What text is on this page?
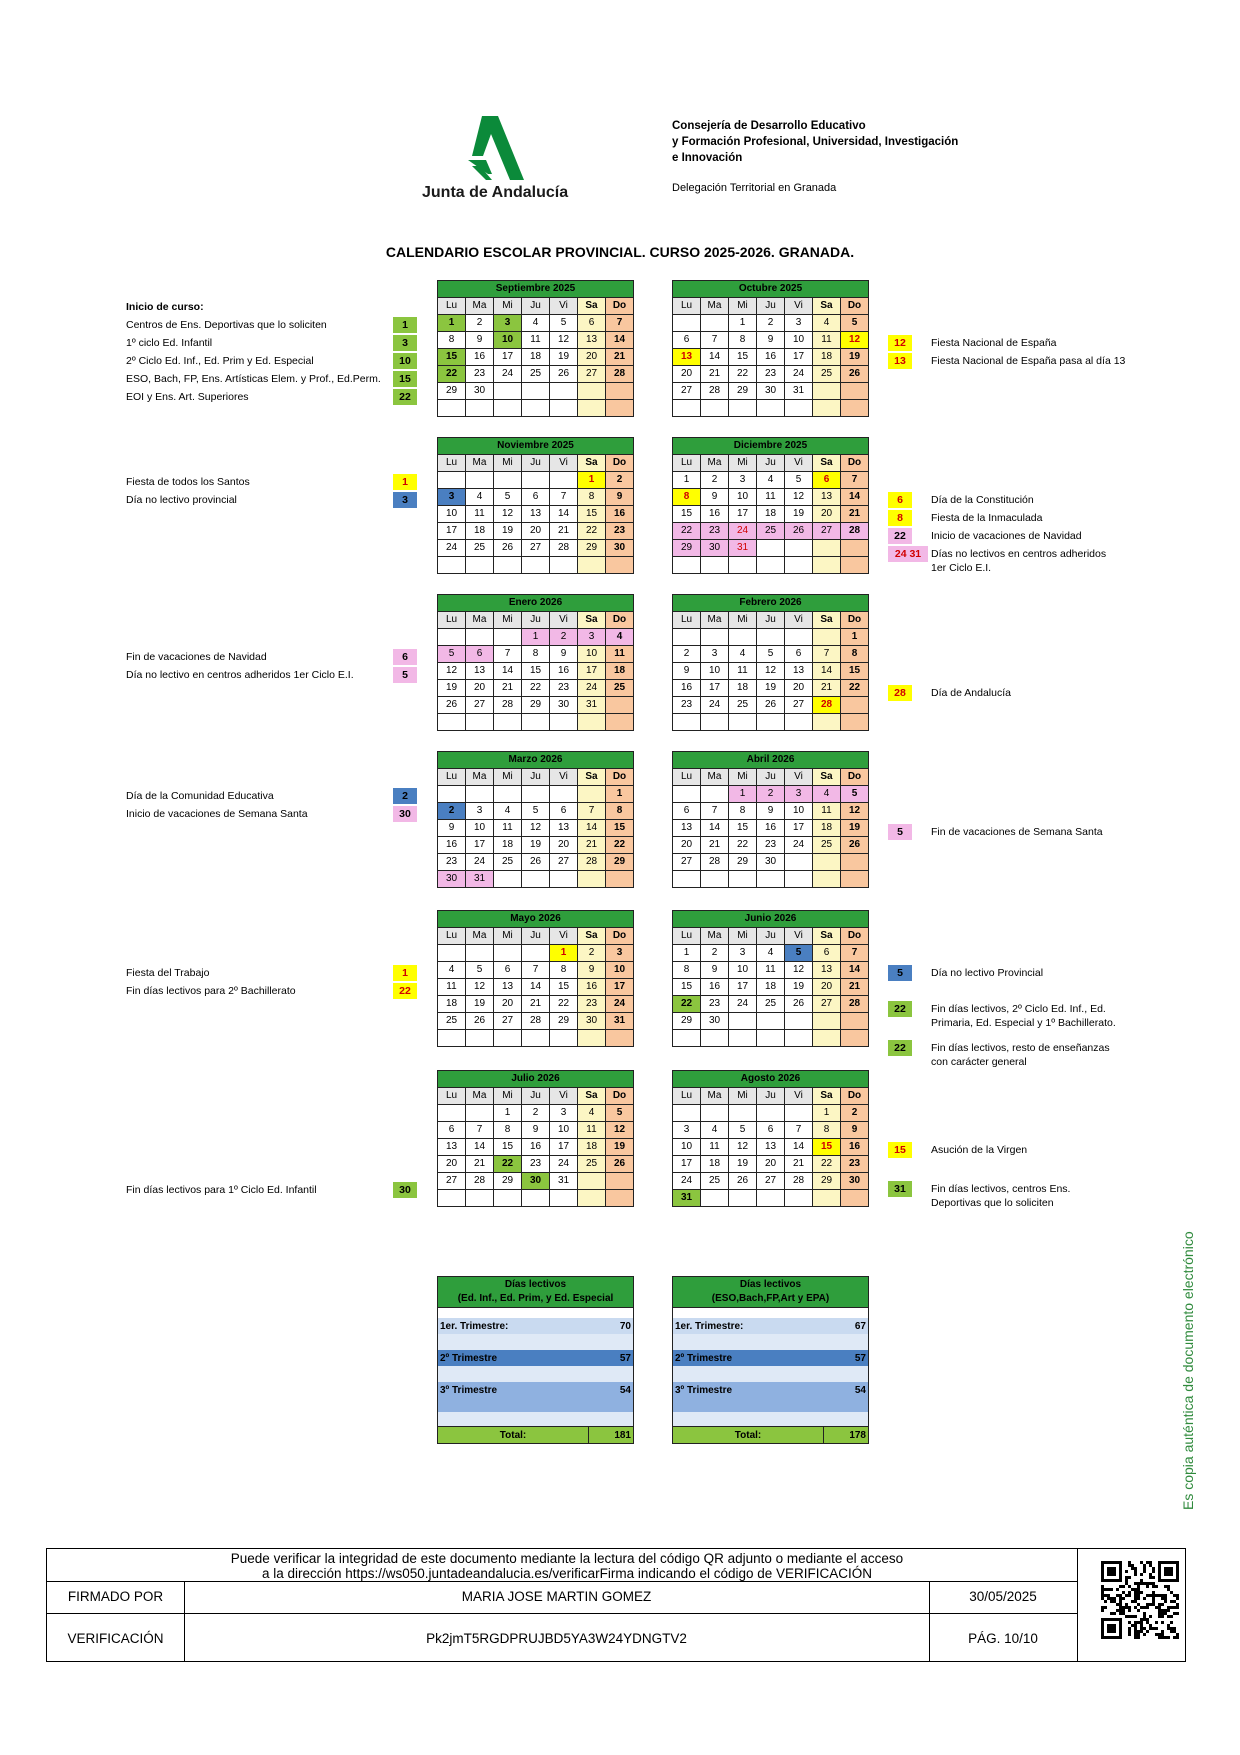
Junta de Andalucía
Consejería de Desarrollo Educativo
y Formación Profesional, Universidad, Investigación
e Innovación
Delegación Territorial en Granada
CALENDARIO ESCOLAR PROVINCIAL. CURSO 2025-2026. GRANADA.
Septiembre 2025						
Lu	Ma	Mi	Ju	Vi	Sa	Do
1	2	3	4	5	6	7
8	9	10	11	12	13	14
15	16	17	18	19	20	21
22	23	24	25	26	27	28
29	30					

Octubre 2025						
Lu	Ma	Mi	Ju	Vi	Sa	Do
		1	2	3	4	5
6	7	8	9	10	11	12
13	14	15	16	17	18	19
20	21	22	23	24	25	26
27	28	29	30	31		

Noviembre 2025						
Lu	Ma	Mi	Ju	Vi	Sa	Do
					1	2
3	4	5	6	7	8	9
10	11	12	13	14	15	16
17	18	19	20	21	22	23
24	25	26	27	28	29	30

Diciembre 2025						
Lu	Ma	Mi	Ju	Vi	Sa	Do
1	2	3	4	5	6	7
8	9	10	11	12	13	14
15	16	17	18	19	20	21
22	23	24	25	26	27	28
29	30	31				

Enero 2026						
Lu	Ma	Mi	Ju	Vi	Sa	Do
			1	2	3	4
5	6	7	8	9	10	11
12	13	14	15	16	17	18
19	20	21	22	23	24	25
26	27	28	29	30	31	

Febrero 2026						
Lu	Ma	Mi	Ju	Vi	Sa	Do
						1
2	3	4	5	6	7	8
9	10	11	12	13	14	15
16	17	18	19	20	21	22
23	24	25	26	27	28	

Marzo 2026						
Lu	Ma	Mi	Ju	Vi	Sa	Do
						1
2	3	4	5	6	7	8
9	10	11	12	13	14	15
16	17	18	19	20	21	22
23	24	25	26	27	28	29
30	31					
Abril 2026						
Lu	Ma	Mi	Ju	Vi	Sa	Do
		1	2	3	4	5
6	7	8	9	10	11	12
13	14	15	16	17	18	19
20	21	22	23	24	25	26
27	28	29	30			

Mayo 2026						
Lu	Ma	Mi	Ju	Vi	Sa	Do
				1	2	3
4	5	6	7	8	9	10
11	12	13	14	15	16	17
18	19	20	21	22	23	24
25	26	27	28	29	30	31

Junio 2026						
Lu	Ma	Mi	Ju	Vi	Sa	Do
1	2	3	4	5	6	7
8	9	10	11	12	13	14
15	16	17	18	19	20	21
22	23	24	25	26	27	28
29	30					

Julio 2026						
Lu	Ma	Mi	Ju	Vi	Sa	Do
		1	2	3	4	5
6	7	8	9	10	11	12
13	14	15	16	17	18	19
20	21	22	23	24	25	26
27	28	29	30	31		

Agosto 2026						
Lu	Ma	Mi	Ju	Vi	Sa	Do
					1	2
3	4	5	6	7	8	9
10	11	12	13	14	15	16
17	18	19	20	21	22	23
24	25	26	27	28	29	30
31						
Inicio de curso:
Centros de Ens. Deportivas que lo soliciten	1
1º ciclo Ed. Infantil	3
2º Ciclo Ed. Inf., Ed. Prim y Ed. Especial	10
ESO, Bach, FP, Ens. Artísticas Elem. y Prof., Ed.Perm.	15
EOI y Ens. Art. Superiores	22
Fiesta de todos los Santos	1
Día no lectivo provincial	3
Fin de vacaciones de Navidad	6
Día no lectivo en centros adheridos 1er Ciclo E.I.	5
Día de la Comunidad Educativa	2
Inicio de vacaciones de Semana Santa	30
Fiesta del Trabajo	1
Fin días lectivos para 2º Bachillerato	22
Fin días lectivos para 1º Ciclo Ed. Infantil	30
12	Fiesta Nacional de España
13	Fiesta Nacional de España pasa al día 13
6	Día de la Constitución
8	Fiesta de la Inmaculada
22	Inicio de vacaciones de Navidad
24 31 Días no lectivos en centros adheridos
1er Ciclo E.I.
28	Día de Andalucía
5	Fin de vacaciones de Semana Santa
5	Día no lectivo Provincial
22	Fin días lectivos, 2º Ciclo Ed. Inf., Ed.
22	Fin días lectivos, resto de enseñanzas
Primaria, Ed. Especial y 1º Bachillerato.
con carácter general
15	Asución de la Virgen
31	Fin días lectivos, centros Ens.
Deportivas que lo soliciten
Días lectivos
(Ed. Inf., Ed. Prim, y Ed. Especial	

1er. Trimestre:	70

2º Trimestre	57

3º Trimestre	54

Total:	181
Días lectivos
(ESO,Bach,FP,Art y EPA)	

1er. Trimestre:	67

2º Trimestre	57

3º Trimestre	54

Total:	178
Puede verificar la integridad de este documento mediante la lectura del código QR adjunto o mediante el acceso
a la dirección https://ws050.juntadeandalucia.es/verificarFirma indicando el código de VERIFICACIÓN
FIRMADO POR	MARIA JOSE MARTIN GOMEZ	30/05/2025
VERIFICACIÓN	Pk2jmT5RGDPRUJBD5YA3W24YDNGTV2	PÁG. 10/10
Es copia auténtica de documento electrónico
